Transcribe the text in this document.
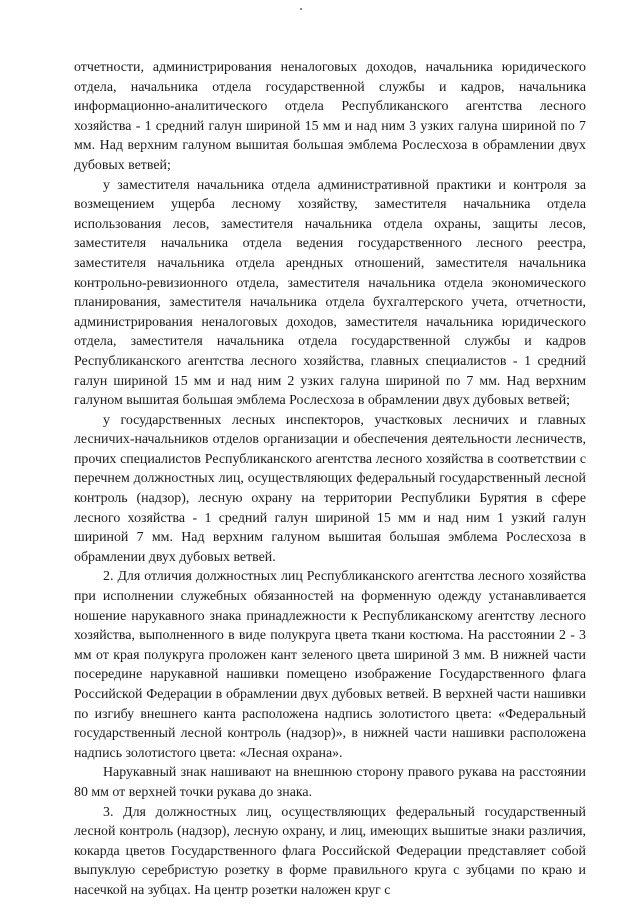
отчетности, администрирования неналоговых доходов, начальника юридического отдела, начальника отдела государственной службы и кадров, начальника информационно-аналитического отдела Республиканского агентства лесного хозяйства - 1 средний галун шириной 15 мм и над ним 3 узких галуна шириной по 7 мм. Над верхним галуном вышитая большая эмблема Рослесхоза в обрамлении двух дубовых ветвей;

у заместителя начальника отдела административной практики и контроля за возмещением ущерба лесному хозяйству, заместителя начальника отдела использования лесов, заместителя начальника отдела охраны, защиты лесов, заместителя начальника отдела ведения государственного лесного реестра, заместителя начальника отдела арендных отношений, заместителя начальника контрольно-ревизионного отдела, заместителя начальника отдела экономического планирования, заместителя начальника отдела бухгалтерского учета, отчетности, администрирования неналоговых доходов, заместителя начальника юридического отдела, заместителя начальника отдела государственной службы и кадров Республиканского агентства лесного хозяйства, главных специалистов - 1 средний галун шириной 15 мм и над ним 2 узких галуна шириной по 7 мм. Над верхним галуном вышитая большая эмблема Рослесхоза в обрамлении двух дубовых ветвей;

у государственных лесных инспекторов, участковых лесничих и главных лесничих-начальников отделов организации и обеспечения деятельности лесничеств, прочих специалистов Республиканского агентства лесного хозяйства в соответствии с перечнем должностных лиц, осуществляющих федеральный государственный лесной контроль (надзор), лесную охрану на территории Республики Бурятия в сфере лесного хозяйства - 1 средний галун шириной 15 мм и над ним 1 узкий галун шириной 7 мм. Над верхним галуном вышитая большая эмблема Рослесхоза в обрамлении двух дубовых ветвей.

2. Для отличия должностных лиц Республиканского агентства лесного хозяйства при исполнении служебных обязанностей на форменную одежду устанавливается ношение нарукавного знака принадлежности к Республиканскому агентству лесного хозяйства, выполненного в виде полукруга цвета ткани костюма. На расстоянии 2 - 3 мм от края полукруга проложен кант зеленого цвета шириной 3 мм. В нижней части посередине нарукавной нашивки помещено изображение Государственного флага Российской Федерации в обрамлении двух дубовых ветвей. В верхней части нашивки по изгибу внешнего канта расположена надпись золотистого цвета: «Федеральный государственный лесной контроль (надзор)», в нижней части нашивки расположена надпись золотистого цвета: «Лесная охрана».

Нарукавный знак нашивают на внешнюю сторону правого рукава на расстоянии 80 мм от верхней точки рукава до знака.

3. Для должностных лиц, осуществляющих федеральный государственный лесной контроль (надзор), лесную охрану, и лиц, имеющих вышитые знаки различия, кокарда цветов Государственного флага Российской Федерации представляет собой выпуклую серебристую розетку в форме правильного круга с зубцами по краю и насечкой на зубцах. На центр розетки наложен круг с
